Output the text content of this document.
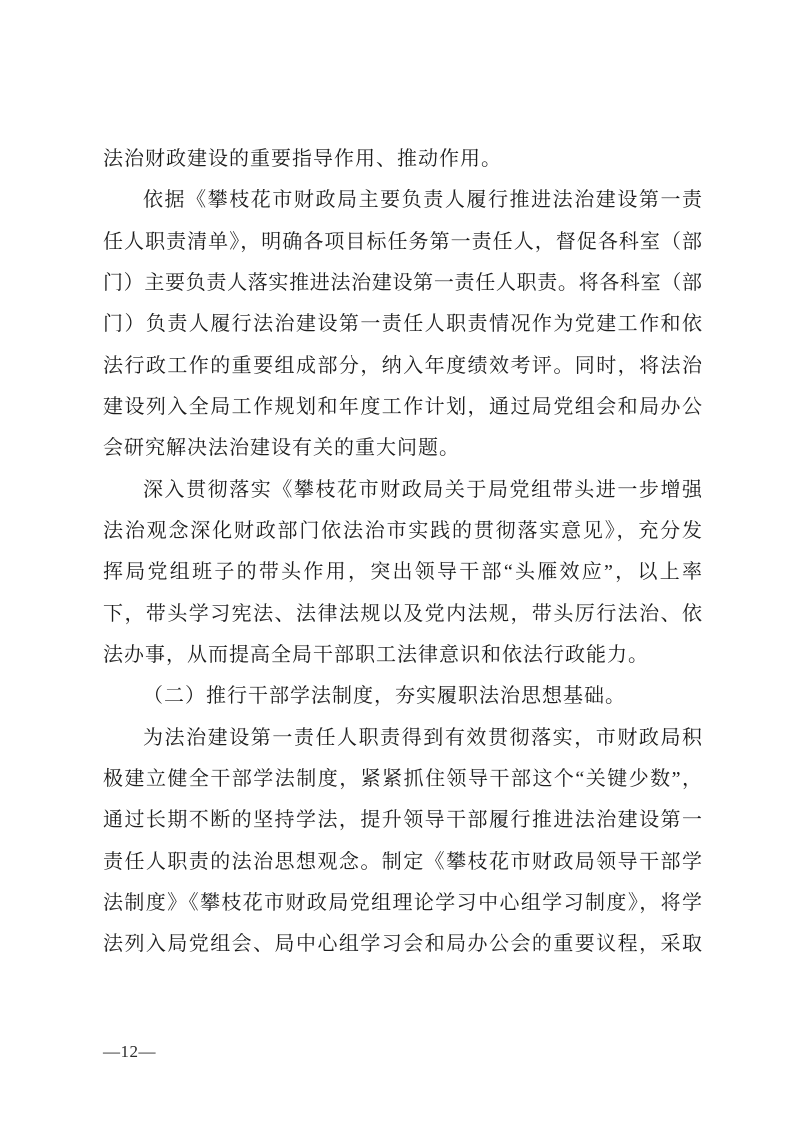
法治财政建设的重要指导作用、推动作用。
依据《攀枝花市财政局主要负责人履行推进法治建设第一责
任人职责清单》，明确各项目标任务第一责任人，督促各科室（部
门）主要负责人落实推进法治建设第一责任人职责。将各科室（部
门）负责人履行法治建设第一责任人职责情况作为党建工作和依
法行政工作的重要组成部分，纳入年度绩效考评。同时，将法治
建设列入全局工作规划和年度工作计划，通过局党组会和局办公
会研究解决法治建设有关的重大问题。
深入贯彻落实《攀枝花市财政局关于局党组带头进一步增强
法治观念深化财政部门依法治市实践的贯彻落实意见》，充分发
挥局党组班子的带头作用，突出领导干部“头雁效应”，以上率
下，带头学习宪法、法律法规以及党内法规，带头厉行法治、依
法办事，从而提高全局干部职工法律意识和依法行政能力。
（二）推行干部学法制度，夯实履职法治思想基础。
为法治建设第一责任人职责得到有效贯彻落实，市财政局积
极建立健全干部学法制度，紧紧抓住领导干部这个“关键少数”，
通过长期不断的坚持学法，提升领导干部履行推进法治建设第一
责任人职责的法治思想观念。制定《攀枝花市财政局领导干部学
法制度》《攀枝花市财政局党组理论学习中心组学习制度》，将学
法列入局党组会、局中心组学习会和局办公会的重要议程，采取
—12—
